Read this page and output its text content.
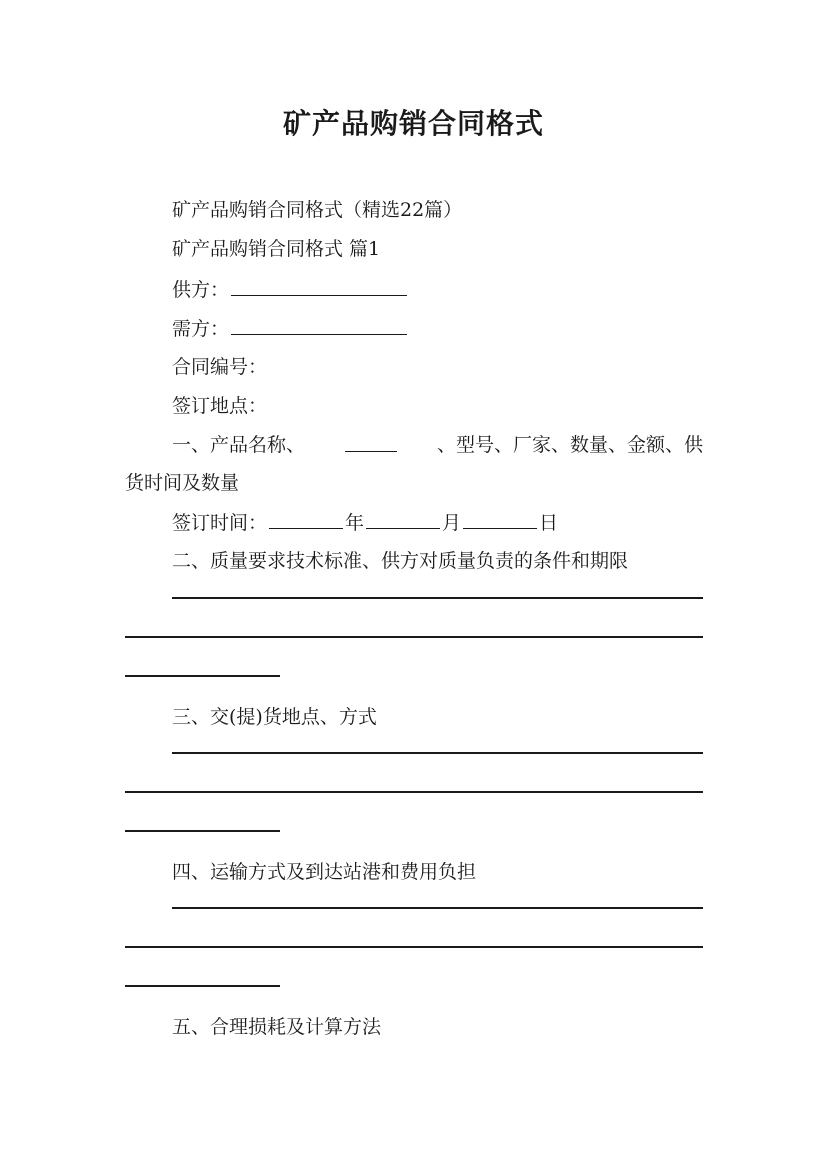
矿产品购销合同格式
矿产品购销合同格式（精选22篇）
矿产品购销合同格式 篇1
供方：
需方：
合同编号：
签订地点：
一、产品名称、	、型号、厂家、数量、金额、供
货时间及数量
签订时间：	年	月	日
二、质量要求技术标准、供方对质量负责的条件和期限
三、交(提)货地点、方式
四、运输方式及到达站港和费用负担
五、合理损耗及计算方法
